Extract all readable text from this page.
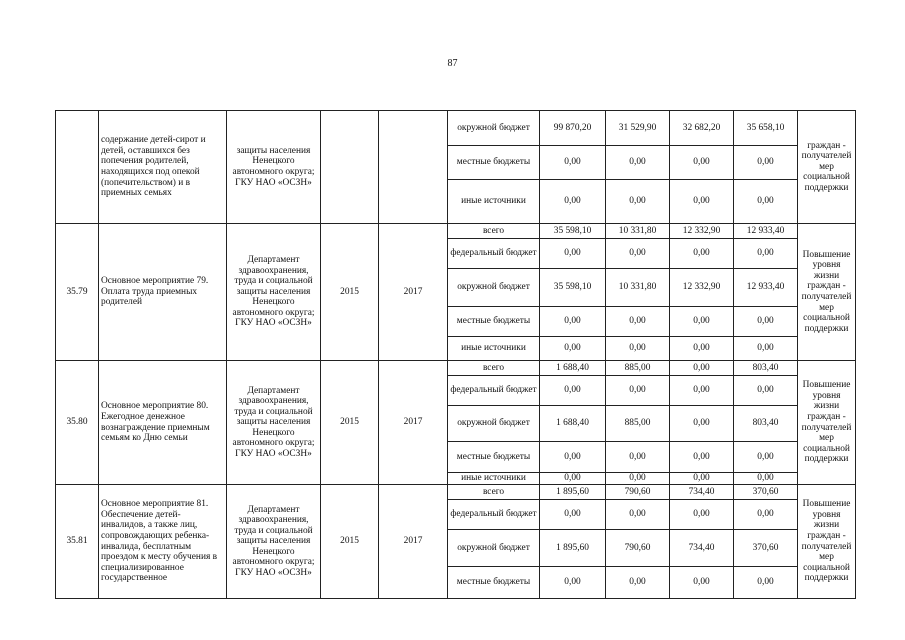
87
	содержание детей-сирот и детей, оставшихся без попечения родителей, находящихся под опекой (попечительством) и в приемных семьях	защиты населения Ненецкого автономного округа; ГКУ НАО «ОСЗН»			окружной бюджет	99 870,20	31 529,90	32 682,20	35 658,10	граждан - получателей мер социальной поддержки
					местные бюджеты	0,00	0,00	0,00	0,00	
					иные источники	0,00	0,00	0,00	0,00	
35.79	Основное мероприятие 79. Оплата труда приемных родителей	Департамент здравоохранения, труда и социальной защиты населения Ненецкого автономного округа; ГКУ НАО «ОСЗН»	2015	2017	всего	35 598,10	10 331,80	12 332,90	12 933,40	Повышение уровня жизни граждан - получателей мер социальной поддержки
					федеральный бюджет	0,00	0,00	0,00	0,00	
					окружной бюджет	35 598,10	10 331,80	12 332,90	12 933,40	
					местные бюджеты	0,00	0,00	0,00	0,00	
					иные источники	0,00	0,00	0,00	0,00	
35.80	Основное мероприятие 80. Ежегодное денежное вознаграждение приемным семьям ко Дню семьи	Департамент здравоохранения, труда и социальной защиты населения Ненецкого автономного округа; ГКУ НАО «ОСЗН»	2015	2017	всего	1 688,40	885,00	0,00	803,40	Повышение уровня жизни граждан - получателей мер социальной поддержки
					федеральный бюджет	0,00	0,00	0,00	0,00	
					окружной бюджет	1 688,40	885,00	0,00	803,40	
					местные бюджеты	0,00	0,00	0,00	0,00	
					иные источники	0,00	0,00	0,00	0,00	
35.81	Основное мероприятие 81. Обеспечение детей-инвалидов, а также лиц, сопровождающих ребенка-инвалида, бесплатным проездом к месту обучения в специализированное государственное	Департамент здравоохранения, труда и социальной защиты населения Ненецкого автономного округа; ГКУ НАО «ОСЗН»	2015	2017	всего	1 895,60	790,60	734,40	370,60	Повышение уровня жизни граждан - получателей мер социальной поддержки
					федеральный бюджет	0,00	0,00	0,00	0,00	
					окружной бюджет	1 895,60	790,60	734,40	370,60	
					местные бюджеты	0,00	0,00	0,00	0,00	
